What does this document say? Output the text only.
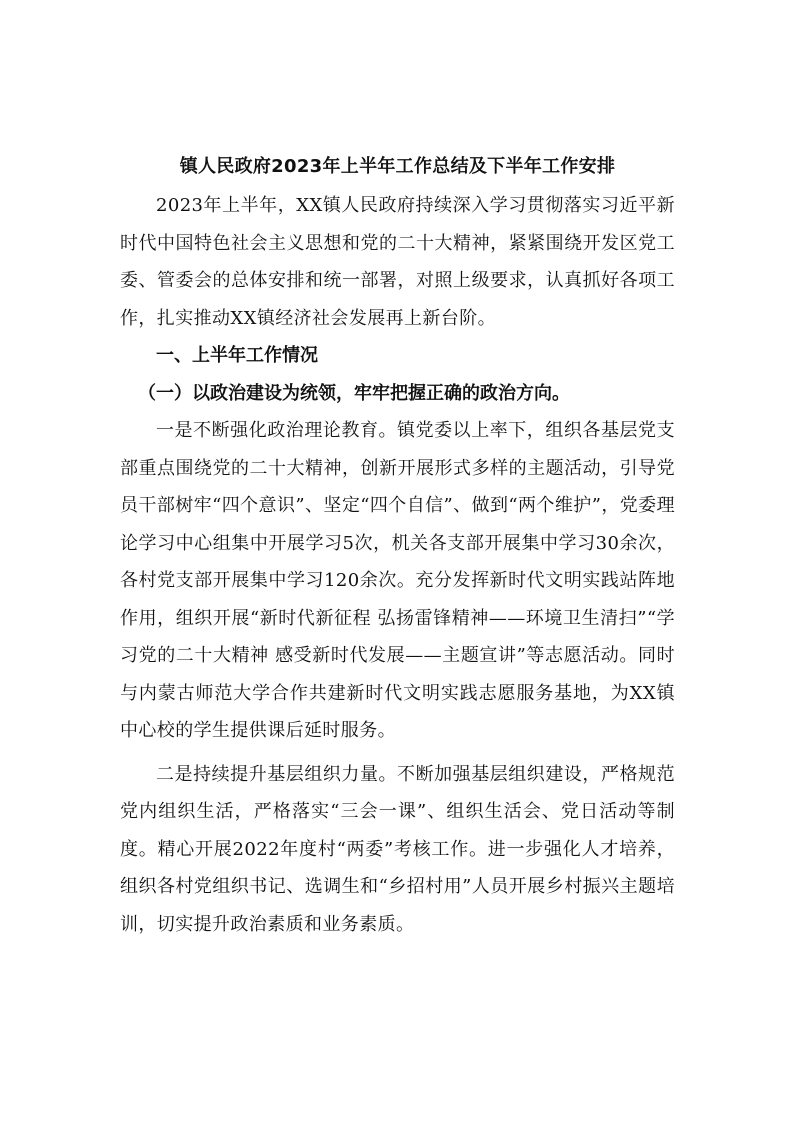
镇人民政府2023年上半年工作总结及下半年工作安排

2023年上半年，XX镇人民政府持续深入学习贯彻落实习近平新时代中国特色社会主义思想和党的二十大精神，紧紧围绕开发区党工委、管委会的总体安排和统一部署，对照上级要求，认真抓好各项工作，扎实推动XX镇经济社会发展再上新台阶。

一、上半年工作情况

（一）以政治建设为统领，牢牢把握正确的政治方向。

一是不断强化政治理论教育。镇党委以上率下，组织各基层党支部重点围绕党的二十大精神，创新开展形式多样的主题活动，引导党员干部树牢“四个意识”、坚定“四个自信”、做到“两个维护”，党委理论学习中心组集中开展学习5次，机关各支部开展集中学习30余次，各村党支部开展集中学习120余次。充分发挥新时代文明实践站阵地作用，组织开展“新时代新征程 弘扬雷锋精神——环境卫生清扫”“学习党的二十大精神 感受新时代发展——主题宣讲”等志愿活动。同时与内蒙古师范大学合作共建新时代文明实践志愿服务基地，为XX镇中心校的学生提供课后延时服务。

二是持续提升基层组织力量。不断加强基层组织建设，严格规范党内组织生活，严格落实“三会一课”、组织生活会、党日活动等制度。精心开展2022年度村“两委”考核工作。进一步强化人才培养，组织各村党组织书记、选调生和“乡招村用”人员开展乡村振兴主题培训，切实提升政治素质和业务素质。
